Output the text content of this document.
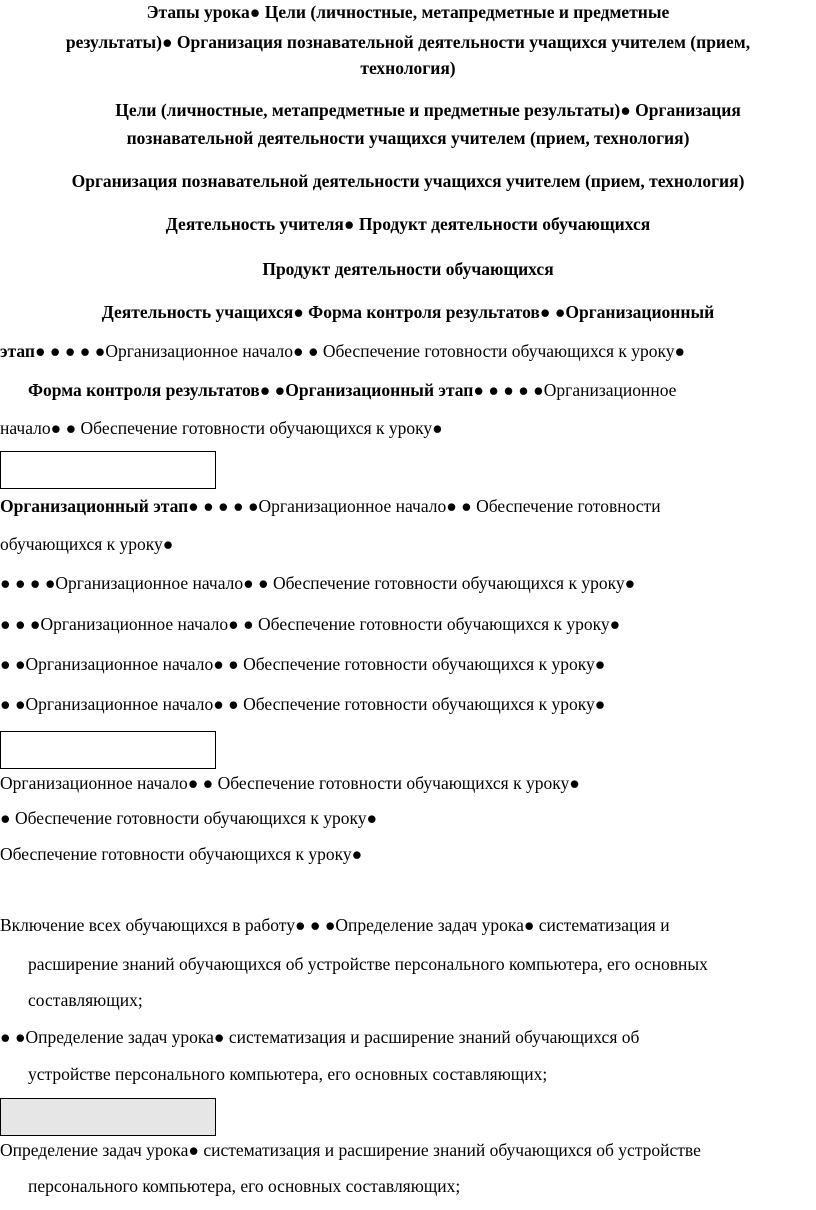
Этапы урока● Цели (личностные, метапредметные и предметные
результаты)● Организация познавательной деятельности учащихся учителем (прием,
технология)
Цели (личностные, метапредметные и предметные результаты)● Организация
познавательной деятельности учащихся учителем (прием, технология)
Организация познавательной деятельности учащихся учителем (прием, технология)
Деятельность учителя● Продукт деятельности обучающихся
Продукт деятельности обучающихся
Деятельность учащихся● Форма контроля результатов● ●Организационный
этап● ● ● ● ●Организационное начало● ● Обеспечение готовности обучающихся к уроку●
Форма контроля результатов● ●Организационный этап● ● ● ● ●Организационное
начало● ● Обеспечение готовности обучающихся к уроку●
Организационный этап● ● ● ● ●Организационное начало● ● Обеспечение готовности
обучающихся к уроку●
● ● ● ●Организационное начало● ● Обеспечение готовности обучающихся к уроку●
● ● ●Организационное начало● ● Обеспечение готовности обучающихся к уроку●
● ●Организационное начало● ● Обеспечение готовности обучающихся к уроку●
● ●Организационное начало● ● Обеспечение готовности обучающихся к уроку●
Организационное начало● ● Обеспечение готовности обучающихся к уроку●
● Обеспечение готовности обучающихся к уроку●
Обеспечение готовности обучающихся к уроку●
Включение всех обучающихся в работу● ● ●Определение задач урока● систематизация и
расширение знаний обучающихся об устройстве персонального компьютера, его основных
составляющих;
● ●Определение задач урока● систематизация и расширение знаний обучающихся об
устройстве персонального компьютера, его основных составляющих;
Определение задач урока● систематизация и расширение знаний обучающихся об устройстве
персонального компьютера, его основных составляющих;
